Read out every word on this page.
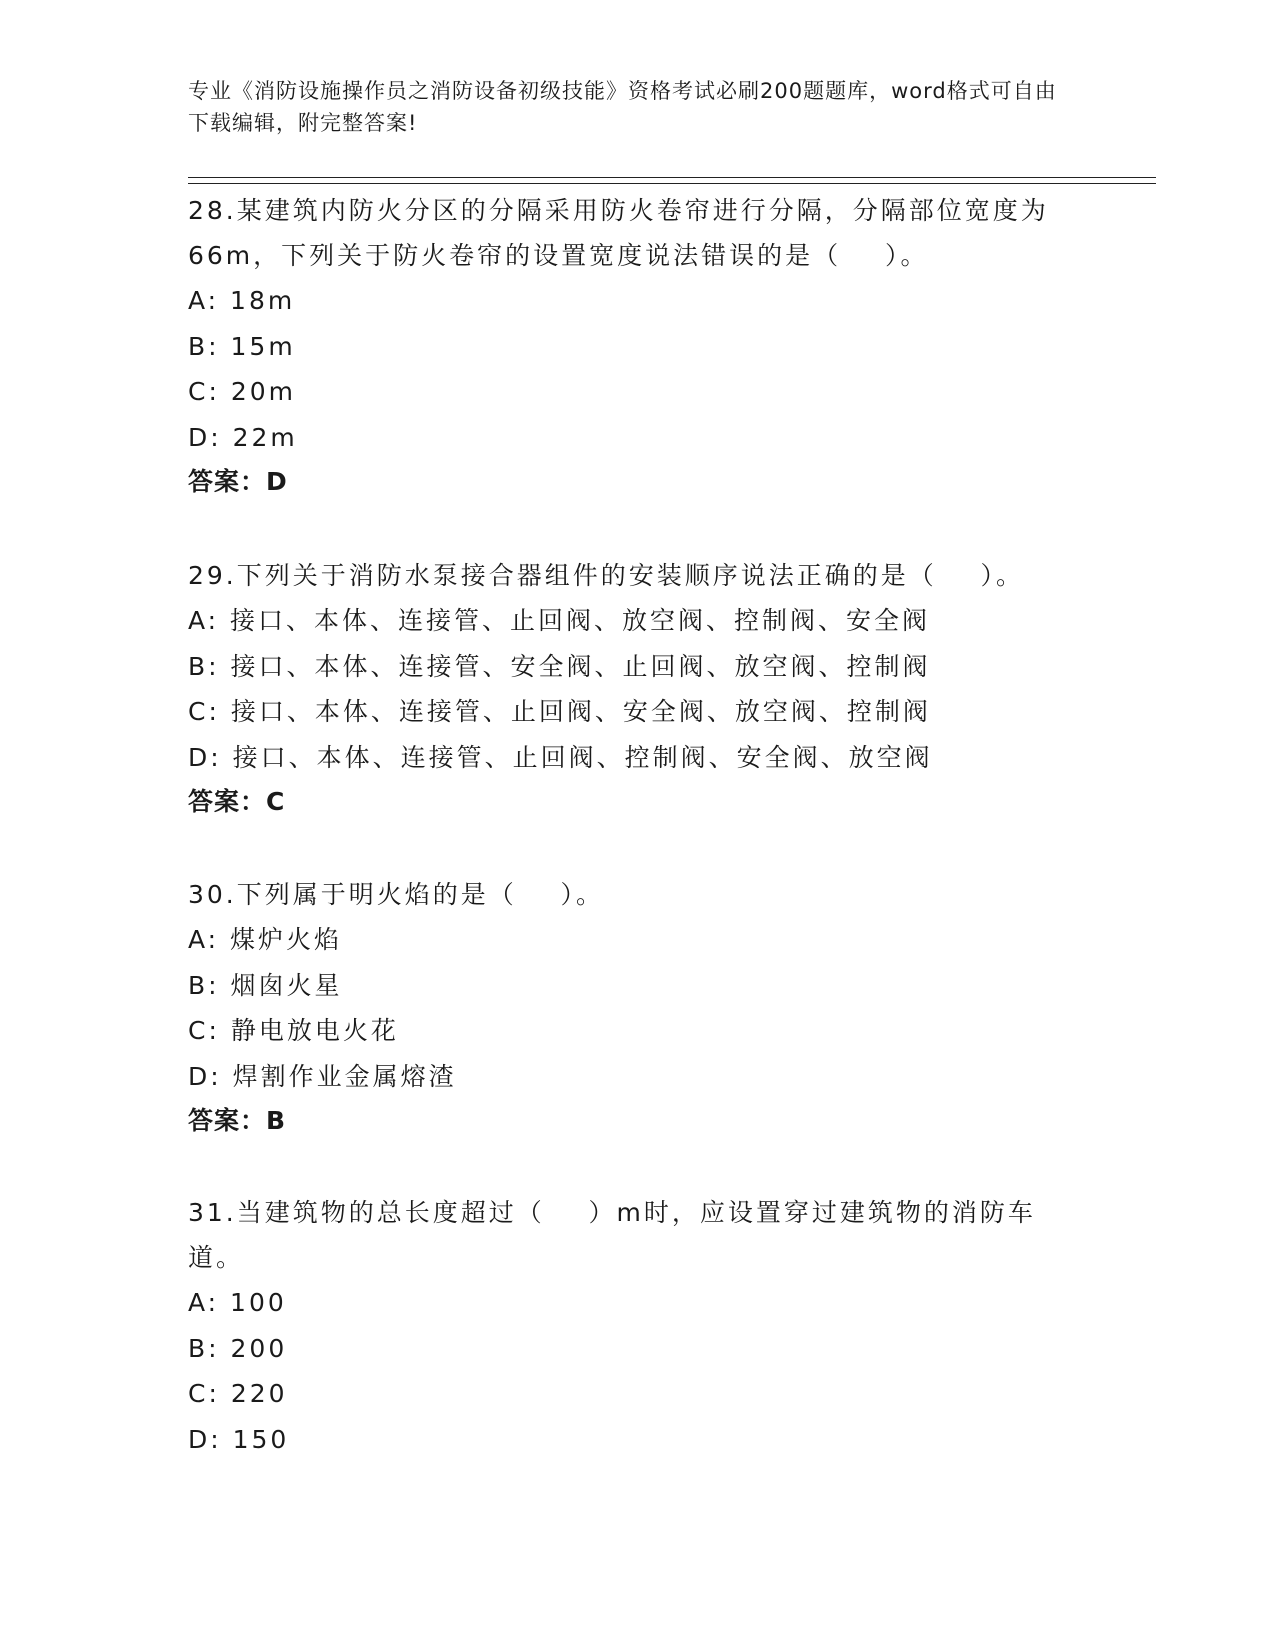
专业《消防设施操作员之消防设备初级技能》资格考试必刷200题题库，word格式可自由下载编辑，附完整答案!
28.某建筑内防火分区的分隔采用防火卷帘进行分隔，分隔部位宽度为66m，下列关于防火卷帘的设置宽度说法错误的是（    ）。
A: 18m
B: 15m
C: 20m
D: 22m
答案：D
29.下列关于消防水泵接合器组件的安装顺序说法正确的是（    ）。
A: 接口、本体、连接管、止回阀、放空阀、控制阀、安全阀
B: 接口、本体、连接管、安全阀、止回阀、放空阀、控制阀
C: 接口、本体、连接管、止回阀、安全阀、放空阀、控制阀
D: 接口、本体、连接管、止回阀、控制阀、安全阀、放空阀
答案：C
30.下列属于明火焰的是（    ）。
A: 煤炉火焰
B: 烟囱火星
C: 静电放电火花
D: 焊割作业金属熔渣
答案：B
31.当建筑物的总长度超过（    ）m时，应设置穿过建筑物的消防车道。
A: 100
B: 200
C: 220
D: 150
